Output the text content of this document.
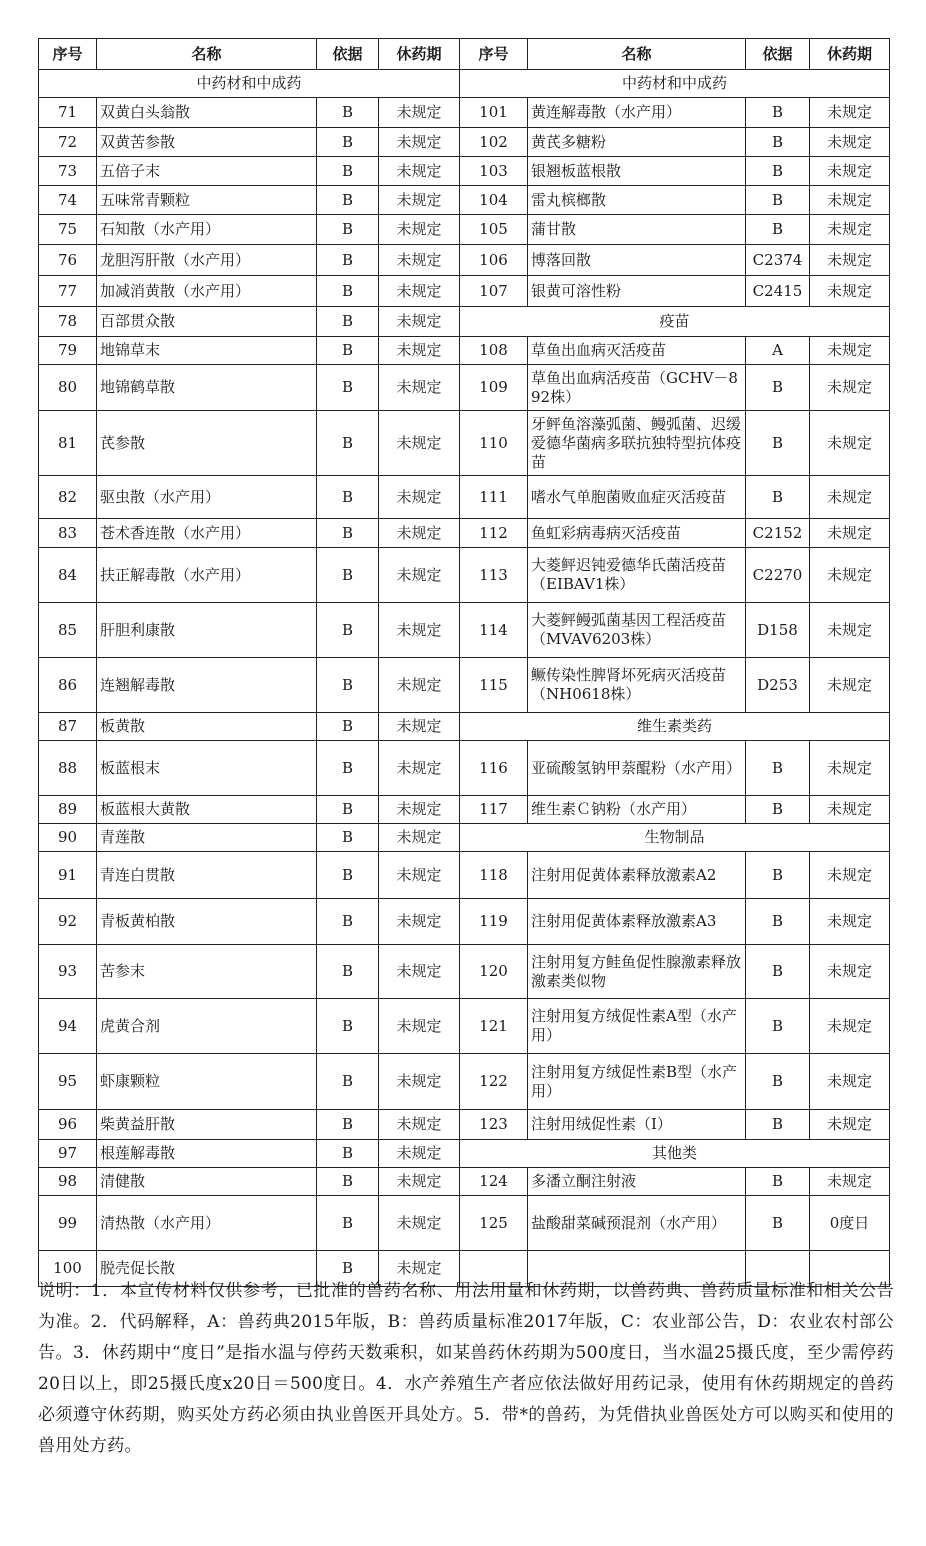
序号	名称	依据	休药期	序号	名称	依据	休药期
中药材和中成药				中药材和中成药			
71	双黄白头翁散	B	未规定	101	黄连解毒散（水产用）	B	未规定
72	双黄苦参散	B	未规定	102	黄芪多糖粉	B	未规定
73	五倍子末	B	未规定	103	银翘板蓝根散	B	未规定
74	五味常青颗粒	B	未规定	104	雷丸槟榔散	B	未规定
75	石知散（水产用）	B	未规定	105	蒲甘散	B	未规定
76	龙胆泻肝散（水产用）	B	未规定	106	博落回散	C2374	未规定
77	加减消黄散（水产用）	B	未规定	107	银黄可溶性粉	C2415	未规定
78	百部贯众散	B	未规定	疫苗			
79	地锦草末	B	未规定	108	草鱼出血病灭活疫苗	A	未规定
80	地锦鹤草散	B	未规定	109	草鱼出血病活疫苗（GCHV－892株）	B	未规定
81	芪参散	B	未规定	110	牙鲆鱼溶藻弧菌、鳗弧菌、迟缓爱德华菌病多联抗独特型抗体疫苗	B	未规定
82	驱虫散（水产用）	B	未规定	111	嗜水气单胞菌败血症灭活疫苗	B	未规定
83	苍术香连散（水产用）	B	未规定	112	鱼虹彩病毒病灭活疫苗	C2152	未规定
84	扶正解毒散（水产用）	B	未规定	113	大菱鲆迟钝爱德华氏菌活疫苗（EIBAV1株）	C2270	未规定
85	肝胆利康散	B	未规定	114	大菱鲆鳗弧菌基因工程活疫苗（MVAV6203株）	D158	未规定
86	连翘解毒散	B	未规定	115	鳜传染性脾肾坏死病灭活疫苗（NH0618株）	D253	未规定
87	板黄散	B	未规定	维生素类药			
88	板蓝根末	B	未规定	116	亚硫酸氢钠甲萘醌粉（水产用）	B	未规定
89	板蓝根大黄散	B	未规定	117	维生素Ｃ钠粉（水产用）	B	未规定
90	青莲散	B	未规定	生物制品			
91	青连白贯散	B	未规定	118	注射用促黄体素释放激素A2	B	未规定
92	青板黄柏散	B	未规定	119	注射用促黄体素释放激素A3	B	未规定
93	苦参末	B	未规定	120	注射用复方鲑鱼促性腺激素释放激素类似物	B	未规定
94	虎黄合剂	B	未规定	121	注射用复方绒促性素A型（水产用）	B	未规定
95	虾康颗粒	B	未规定	122	注射用复方绒促性素B型（水产用）	B	未规定
96	柴黄益肝散	B	未规定	123	注射用绒促性素（Ⅰ）	B	未规定
97	根莲解毒散	B	未规定	其他类			
98	清健散	B	未规定	124	多潘立酮注射液	B	未规定
99	清热散（水产用）	B	未规定	125	盐酸甜菜碱预混剂（水产用）	B	0度日
100	脱壳促长散	B	未规定				
说明：1．本宣传材料仅供参考，已批准的兽药名称、用法用量和休药期，以兽药典、兽药质量标准和相关公告为准。2．代码解释，A：兽药典2015年版，B：兽药质量标准2017年版，C：农业部公告，D：农业农村部公告。3．休药期中“度日”是指水温与停药天数乘积，如某兽药休药期为500度日，当水温25摄氏度，至少需停药20日以上，即25摄氏度x20日＝500度日。4．水产养殖生产者应依法做好用药记录，使用有休药期规定的兽药必须遵守休药期，购买处方药必须由执业兽医开具处方。5．带*的兽药，为凭借执业兽医处方可以购买和使用的兽用处方药。
